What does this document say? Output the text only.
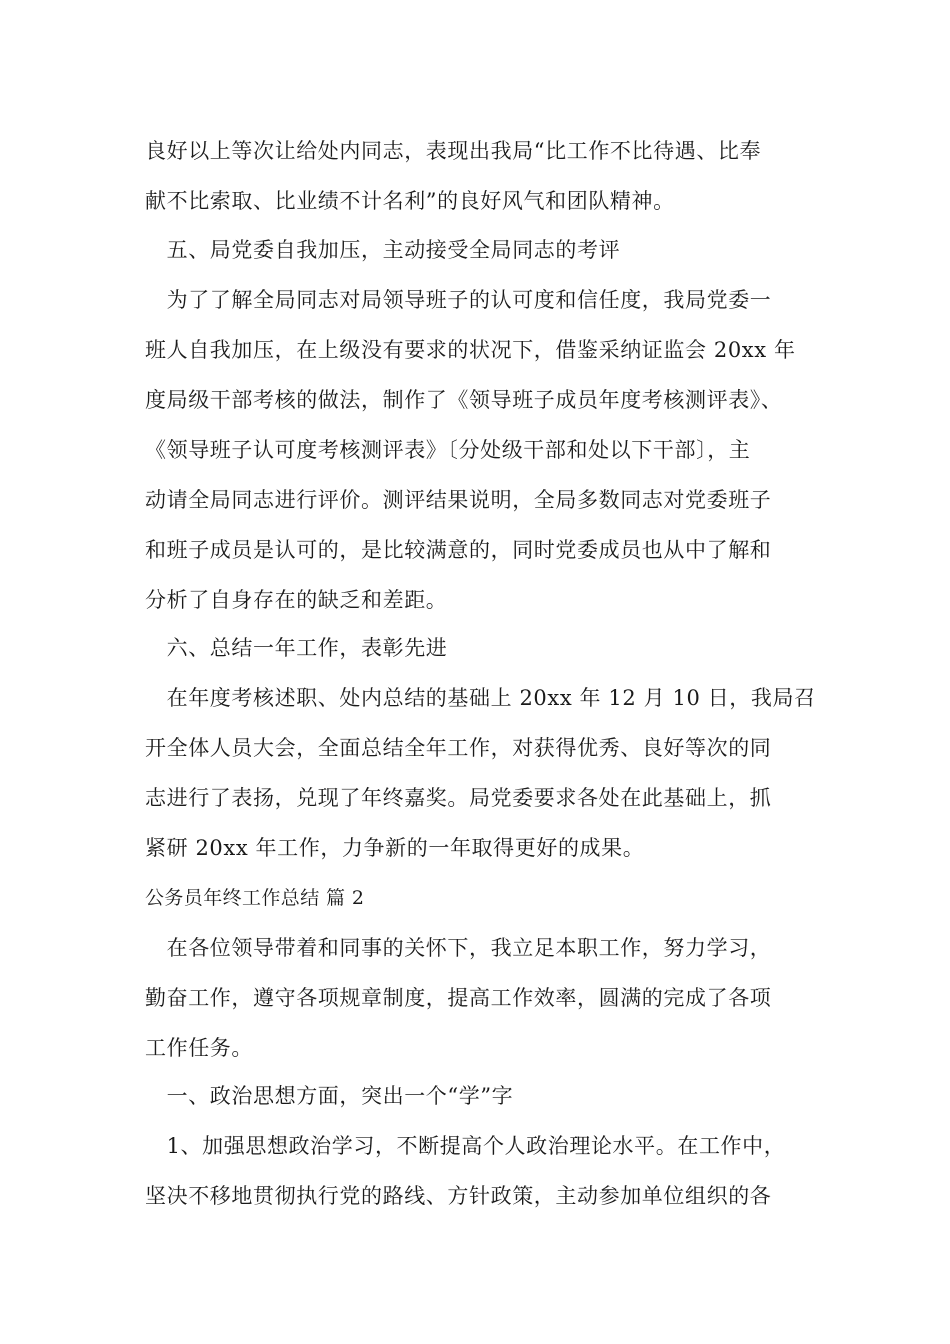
良好以上等次让给处内同志，表现出我局“比工作不比待遇、比奉
献不比索取、比业绩不计名利”的良好风气和团队精神。
　五、局党委自我加压，主动接受全局同志的考评
　为了了解全局同志对局领导班子的认可度和信任度，我局党委一
班人自我加压，在上级没有要求的状况下，借鉴采纳证监会 20xx 年
度局级干部考核的做法，制作了《领导班子成员年度考核测评表》、
《领导班子认可度考核测评表》〔分处级干部和处以下干部〕，主
动请全局同志进行评价。测评结果说明，全局多数同志对党委班子
和班子成员是认可的，是比较满意的，同时党委成员也从中了解和
分析了自身存在的缺乏和差距。
　六、总结一年工作，表彰先进
　在年度考核述职、处内总结的基础上 20xx 年 12 月 10 日，我局召
开全体人员大会，全面总结全年工作，对获得优秀、良好等次的同
志进行了表扬，兑现了年终嘉奖。局党委要求各处在此基础上，抓
紧研 20xx 年工作，力争新的一年取得更好的成果。
公务员年终工作总结 篇 2
　在各位领导带着和同事的关怀下，我立足本职工作，努力学习，
勤奋工作，遵守各项规章制度，提高工作效率，圆满的完成了各项
工作任务。
　一、政治思想方面，突出一个“学”字
　1、加强思想政治学习，不断提高个人政治理论水平。在工作中，
坚决不移地贯彻执行党的路线、方针政策，主动参加单位组织的各
